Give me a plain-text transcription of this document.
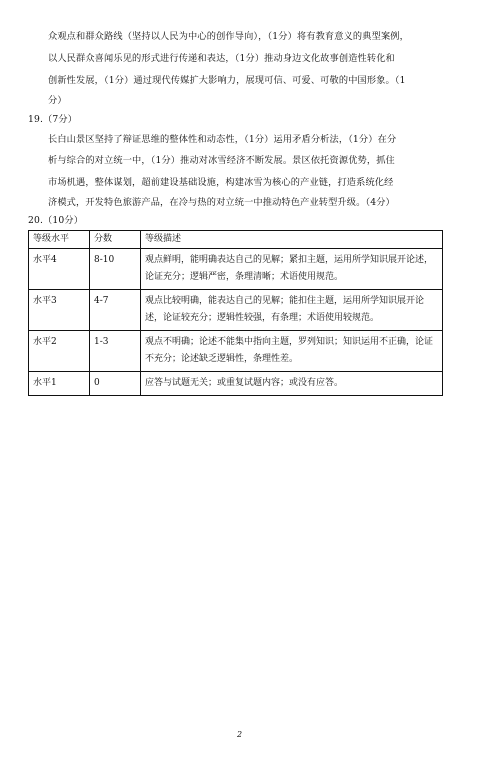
众观点和群众路线（坚持以人民为中心的创作导向），（1分）将有教育意义的典型案例，
以人民群众喜闻乐见的形式进行传递和表达，（1分）推动身边文化故事创造性转化和
创新性发展，（1分）通过现代传媒扩大影响力，展现可信、可爱、可敬的中国形象。（1
分）
19.（7分）
长白山景区坚持了辩证思维的整体性和动态性，（1分）运用矛盾分析法，（1分）在分
析与综合的对立统一中，（1分）推动对冰雪经济不断发展。景区依托资源优势，抓住
市场机遇，整体谋划，超前建设基础设施，构建冰雪为核心的产业链，打造系统化经
济模式，开发特色旅游产品，在冷与热的对立统一中推动特色产业转型升级。（4分）
20.（10分）
等级水平	分数	等级描述
水平4	8-10	观点鲜明，能明确表达自己的见解；紧扣主题，运用所学知识展开论述，论证充分；逻辑严密，条理清晰；术语使用规范。
水平3	4-7	观点比较明确，能表达自己的见解；能扣住主题，运用所学知识展开论述，论证较充分；逻辑性较强，有条理；术语使用较规范。
水平2	1-3	观点不明确；论述不能集中指向主题，罗列知识；知识运用不正确，论证不充分；论述缺乏逻辑性，条理性差。
水平1	0	应答与试题无关；或重复试题内容；或没有应答。
2
